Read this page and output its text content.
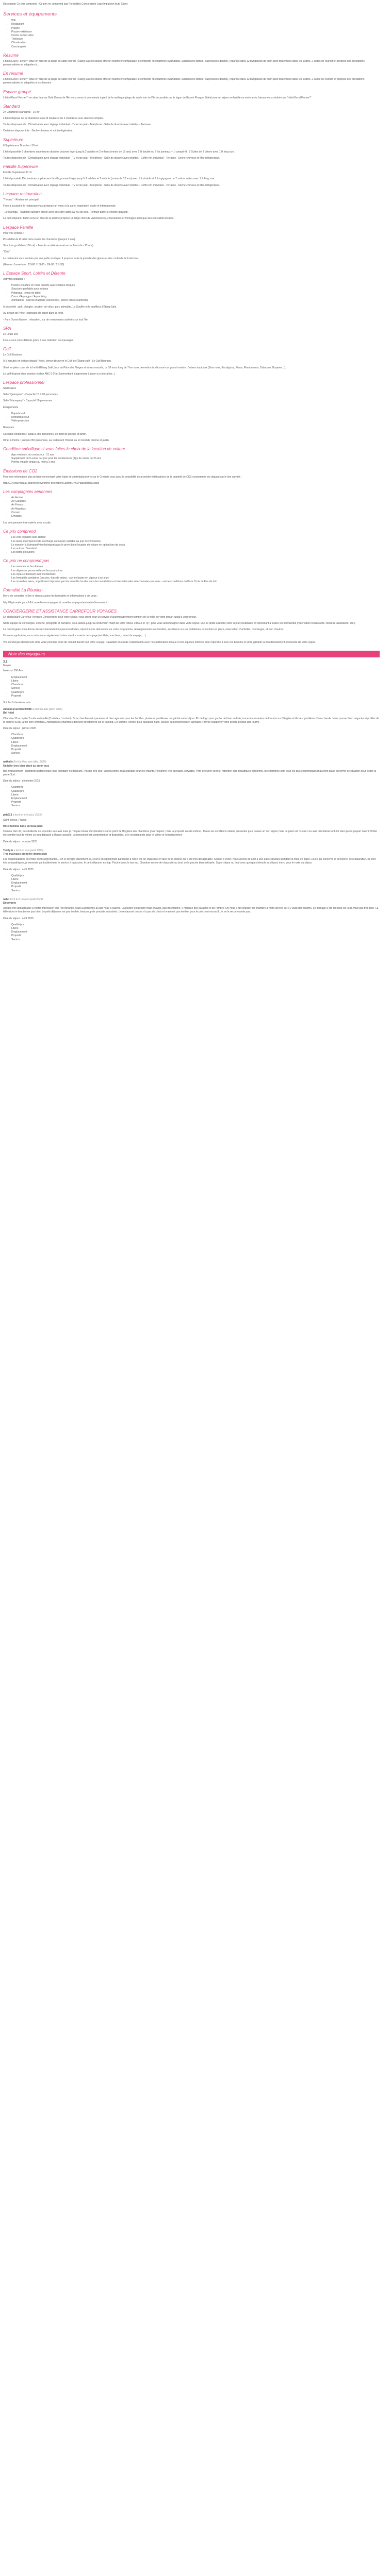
Description Ce prix comprend : Ce prix ne comprend pas Formalités Conciergerie Logo Impulsion Auto Client

Services et équipements
• Wifi
• Restaurant
• Piscine
• Piscine extérieure
• Centre de bien-être
• Télévision
• Climatisation
• Conciergerie
Résumé

L'hôtel Excel Fecner** situé en face de la plage de sable noir de l'Étang-Salé les Bains offre un charme incomparable. Il comporte 48 chambres (Standards, Supérieures famille, Supérieures double), réparties dans 12 bungalows de plain-pied disséminés dans les jardins. 2 suites de réunion et propose des prestations personnalisées et adaptées à...

En résumé

L'hôtel Excel Fecner** situé en face de la plage de sable noir de l'Étang-Salé les Bains offre un charme incomparable. Il comporte 48 chambres (Standards, Supérieures famille, Supérieures double), réparties dans 12 bungalows de plain-pied disséminés dans les jardins. 2 salles de réunion et propose des prestations personnalisées et adaptées à vos besoins.

Espace groupé

L'hôtel Excel Fecner** se situe face au Gold Ocean de l'Île. vous serez à une minute à pied de la mythique plage de sable noir de l'île accessible par le lagon de Bassin Pirogue, l'idéal pour un séjour en famille ou entre amis, laissez-vous séduire par l'hôtel Excel Fecner**.

Standard

27 Chambres standards - 16 m²

L'hôtel dispose de 12 chambres avec lit double et de 3 chambres avec deux lits simples.

Toutes disposent de : Climatisation avec réglage individuel - TV écran plat - Téléphone - Salle de douche avec toilettes - Terrasse.

Certaines disposent de : Sèche-cheveux et mini réfrigérateur.

Supérieure

6 Supérieures Doubles - 30 m²

L'hôtel possède 8 chambres supérieures doubles pouvant loger jusqu'à 2 adultes et 2 enfants (moins de 12 ans) avec 1 lit double ou 2 lits jumeaux + 1 canapé-lit ; 2 Suites de 2 pièces avec 1 lit king size.

Toutes disposent de : Climatisation avec réglage individuel - TV écran plat - Téléphone - Salle de douche avec toilettes - Coffre-fort individuel - Terrasse - Sèche-cheveux et Mini-réfrigérateur.

Famille Supérieure

Famille Supérieure 30 m²

L'hôtel possède 15 chambres supérieures famille, pouvant loger jusqu'à 2 adultes et 2 enfants (moins de 12 ans) avec 1 lit double et 2 lits gigognes ou 7 suitors suites avec 1 lit king size.

Toutes disposent de : Climatisation avec réglage individuel - TV écran plat - Téléphone - Salle de douche avec toilettes - Coffre-fort individuel - Terrasse - Sèche-cheveux et Mini-réfrigérateur.

Lespace restauration

"Trelasc" - Restaurant principal

Face à la piscine le restaurant vous propose un menu à la carte, inspiration locale et internationale.

- Le Manoba - Tradition culinaire créole avec ses carri-cafés au feu de bois. Formule buffet à volonté (payant).

La petit déjeuner buffet servi en face de la piscine propose un large choix de viennoiseries, charcuteries et fromages ainsi que des spécialités locales.

Lespace Famille

Pour vos enfants :

Possibilité de lit bébé dans toutes les chambres (jusqu'à 2 ans).

Structure gonflable (100 m²) - Jeux de société réservé aux enfants de - 12 ans).

"Cilar"

Le restaurant vous séduira par son jardin exotique. il propose toute la journée des glaces et des cocktails de fruits frais.

(Heures d'ouverture : 12h00 / 13h30 - 19h00 / 21h30)

L'Espace Sport, Loisirs et Détente

Activités gratuites :

• Piscine chauffée en hiver ouverte avec chaises longues
• Structure gonflable pour enfants
• Pétanque, tennis de table
• Cours d'Aquagym / Aquabiking
• Animations : soirées musicale (weekends), soirée créole (samedis)

À proximité : golf, plongée, location de vélos, parc animalier, La Gouffre et le souffleur d'Étang-Salé.

Au départ de l'hôtel : parcours de santé dans la forêt.

- Pure Ocean Nature : relaxation, sur de nombreuses activités sur tout l'île.

SPA

Le Lirael Zen

Il vous sera votre détente grâce à une sélection de massages.

Golf

Le Golf Bourbon

À 5 minutes en voiture depuis l'hôtel, venez découvrir le Golf de l'Étang-salé : Le Golf Bourbon.

Situé en plein cœur de la forêt d'Étang Salé, face au Piton des Neiges et autres massifs, ce 18 trous long de 7 km vous permettra de découvrir un grand nombre d'arbres tropicaux (Bois noirs, Eucalyptus, Filaos, Flamboyants, Tabacorn, Goyaves...).

Le golf dispose d'un practice et d'un ABC 5 (Par 3 permettant d'apprendre à jouer ou s'entraîner...)

Lespace professionnel

Séminaires

Salle "Quinquina" - Capacité 15 à 20 personnes

Salle "Manapany" - Capacité 50 personnes

Équipements

• Paperboard
• Rétroprojecteur
• Vidéoprojecteur

Banquets

Cocktails dînatoires : jusqu'à 250 personnes, en bord de piscine et jardin.

Dîner à thème : jusqu'à 250 personnes, au restaurant l'Océan ou en bord de piscine et jardin.

Condition spécifique si vous faites le choix de la location de voiture
• Âge minimum du conducteur : 21 ans
• Supplément de 5 euros par jour pour les conducteurs (âge de moins de 23 ans
• Permis valable depuis au moins 3 ans
Émissions de CO2

Pour une information plus précise concernant votre trajet et contrebalancez-le sur le Greenlix vous avez la possibilité de procéder vérificatrices de la quantité de CO2 consommée en cliquant sur le lien suivant :

http//CO Nouveau au planète/renvironner protection/CarbonGHG/Page/globalUsage

Les compagnies aériennes
• Air Austral
• Air Caraïbes
• Air France
• Air Mauritius
• Corsair
• Emirates

Les vols peuvent être opérés avec escale.

Ce prix comprend
• Les vols réguliers Aller-Retour
• Les taxes d'aéroport et de surcharge carburant (variable au jour de l'émission)
• Le transfert à l'aéroport/hôtel/aéroport avec le privé d'une location de voiture en option lors de devis
• Les nuits en Standard
• Les petits déjeuners
Ce prix ne comprend pas
• Les assurances facultatives
• Les dépenses personnelles et les pourboires
• Les repas et boissons non mentionnés
• Les formalités sanitaires (vaccins, frais de séjour - sur les bases en vigueur à ce jour)
• Les nouvelles taxes, supplément imposées par les autorités locales dans les installations et internationales sélectionnées par vous - voir les conditions du Pass Croix de Feu de Léo
Formalité La Réunion

Merci de consulter le lien ci-dessous pour les formalités et informations à vie vous :

http://diplomatie.gouv.fr/fr/conseils-aux-voyageurs/conseils-par-pays-destination/la-reunion/

CONCIERGERIE ET ASSISTANCE CARREFOUR VOYAGES

En choisissant Carrefour Voyages Conciergerie pour votre séjour, vous optez pour un service d'accompagnement complet de la veille de votre départ jusqu'à votre retour.

Notre équipe de concierges, experte, polyglotte et humaine, vous aidera jusqu'au lendemain matin de votre retour, 24h/24 et 7j/7, pour vous accompagner dans votre séjour. Elle se dédie à rendre votre séjour inoubliable en répondant à toutes vos demandes (réservation restaurants, conseils, assistance, etc.).

La conciergerie vous donne des recommandations personnalisées, répond à vos demandes sur votre programme, renseignements à connaître, assistance sur les problèmes rencontrés en place, réservation d'activités, concierges, et bien d'autres.

Un votre application, vous retrouverez également toutes vos documents de voyage (e-billets, vouchers, carnet de voyage, ...).

Vos concierges deviennent alors votre principal point de contact durant tout votre voyage, travaillant en étroite collaboration avec nos partenaires locaux et nos équipes internes pour répondre à tous vos besoins et ainsi, garantir la bon déroulement et réussite de votre séjour.

Note des voyageurs
3.1
Moyen

basé sur 356 Avis

• Emplacement
• Literie
• Chambres
• Service
• Qualité/prix
• Propreté

Voir les 5 dernières avis

Adventure22786194088 a écrit un avis (janv. 2026)
Bel hôtel

Chambre 30 occupée 2 nuits en famille (2 adultes, 1 enfant). Si la chambre est spacieuse et bien agencée pour les familles, plusieurs problèmes ont gâché notre séjour. Pb de frigo pour garder de l'eau au frais, traces incessantes de fourmis sur l'étagère et tâches, problème d'eau chaude. Vous pourrez bien négocier et profiter de la piscine ou du jardin bien entretenu. Attention les chambres donnent directement sur le parking. En somme, correct pour quelques nuits, accueil du personnel bien agréable. Prévoir d'apporter votre propre produit anti-fourmi.

Date du séjour : janvier 2026

• Chambres
• Qualité/prix
• Literie
• Emplacement
• Propreté
• Service
nathalie Écrit le 8 un avis (déc. 2025)
Un hôtel tres bien placé au aulor tous

Bel emplacement : chambres petites mais ravie 'pendant' est toujours. Piscine très jolie, un peu petite, mais parfaite pour les enfants. Personnel très agréable, serviable. Petit déjeuner correct. Attention aux moustiques et fourmis, les chambres sont pour les plus économiques mais bien placé en terme de situation pour visiter la partie Sud.

Date du séjour : décembre 2025

• Chambres
• Qualité/prix
• Literie
• Emplacement
• Propreté
• Service
pah013 a écrit un avis (oct. 2025)

Saint-Brieuc, France

Hôtel familial dans un beau parc

Comme bien dit, pas d'attente de répondre aux avis mais je n'ai pas trouvé d'explications sur le point de l'hygiène des chambres (pas l'aspect, mais la propreté en elle-même). Toutes les conditions étaient présentes pour passer un bon séjour mais ce point est crucial. Les avis précédents ont été bien que la plupart datent, l'hôtel me semble tout de même un peu dépassé à l'heure actuelle. Le personnel est compréhensif et disponible, je le recommande pour le calme et l'emplacement.

Date du séjour : octobre 2025

Teddy A a écrit un avis (août 2025)
Très mauvaise première impression

Les responsabilités de l'hôtel sont surprenantes... on le dénigre clairement ici, c'est le réceptionniste particulier à notre rez-de-chaussée en face de la piscine qui a été très désagréable. Accueil à éviter. Nous avions dû aller à une autre structure pendant la mise en place. En ce qui concerne le personnel de restauration, ils sont très sympathiques, je remercie particulièrement le service à la piscine, le petit déjeuner est top. Piscine avec le bar top. Chambre en rez-de-chaussée au bord de la piscine bien nettoyée. Super séjour au final avec quelques bémols au départ, merci pour le reste du séjour.

Date du séjour : août 2025

• Qualité/prix
• Literie
• Emplacement
• Propreté
• Service
nabo Écrit le 8 un avis (août 2025)
Décevante

Accueil très désagréable à l'hôtel impression que l'on dérange. Mais la personne au bar nous a sauvés. La piscine est propre mais chaude, pas très fraîche. Il manque des parasols et de l'ombre. On nous a fait changer de chambre à notre arrivée car il y avait des fourmis. Le ménage a été fait tous les jours mais pas très bien. La télévision ne fonctionne pas bien. Le petit déjeuner est pas terrible, beaucoup de produits industriels. Le restaurant du soir n'a pas de choix et vraiment pas terrible, pour le prix c'est excessif. Je ne le recommande pas.

Date du séjour : août 2025

• Qualité/prix
• Literie
• Emplacement
• Propreté
• Service
